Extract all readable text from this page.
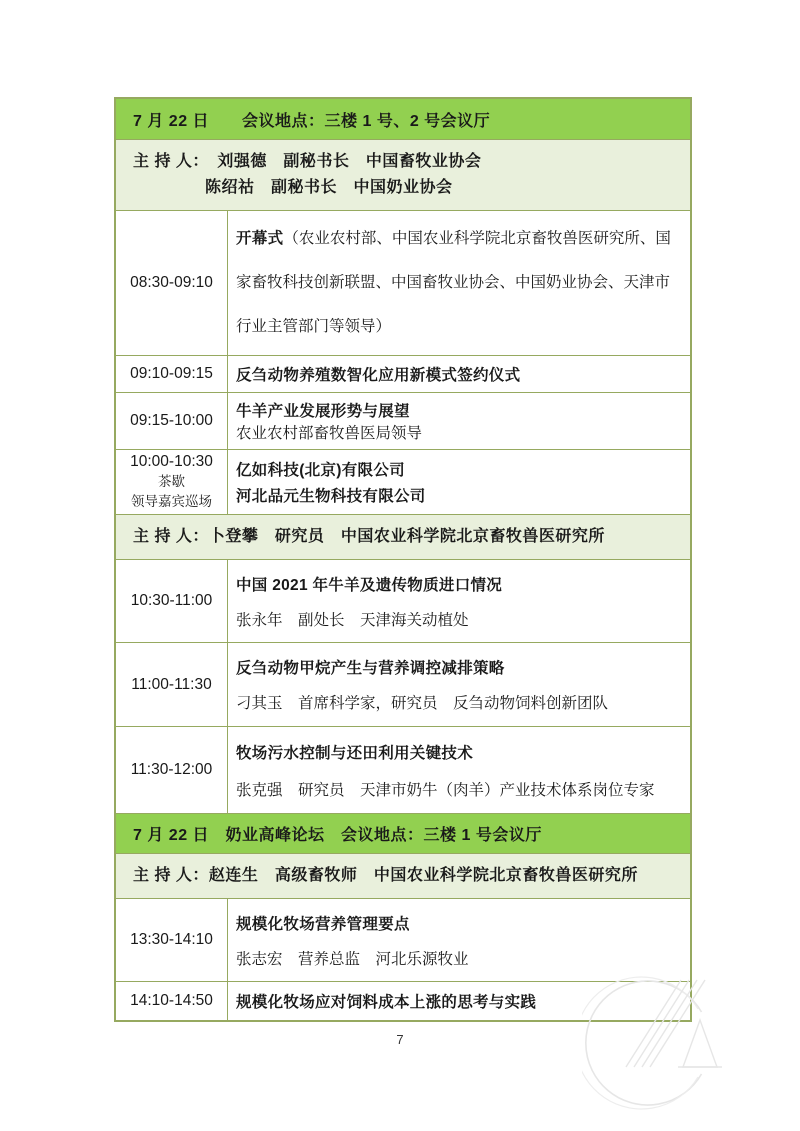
7 月 22 日　　会议地点：三楼 1 号、2 号会议厅
主 持 人：　刘强德　副秘书长　中国畜牧业协会
陈绍祜　副秘书长　中国奶业协会
08:30-09:10

开幕式（农业农村部、中国农业科学院北京畜牧兽医研究所、国家畜牧科技创新联盟、中国畜牧业协会、中国奶业协会、天津市行业主管部门等领导）

09:10-09:15 反刍动物养殖数智化应用新模式签约仪式

09:15-10:00

牛羊产业发展形势与展望

农业农村部畜牧兽医局领导

10:00-10:30
茶歇
领导嘉宾巡场

亿如科技(北京)有限公司

河北品元生物科技有限公司

主 持 人：卜登攀　研究员　中国农业科学院北京畜牧兽医研究所
10:30-11:00

中国 2021 年牛羊及遗传物质进口情况

张永年　副处长　天津海关动植处

11:00-11:30

反刍动物甲烷产生与营养调控减排策略

刁其玉　首席科学家，研究员　反刍动物饲料创新团队

11:30-12:00

牧场污水控制与还田利用关键技术

张克强　研究员　天津市奶牛（肉羊）产业技术体系岗位专家

7 月 22 日　奶业高峰论坛　会议地点：三楼 1 号会议厅
主 持 人：赵连生　高级畜牧师　中国农业科学院北京畜牧兽医研究所
13:30-14:10

规模化牧场营养管理要点

张志宏　营养总监　河北乐源牧业

14:10-14:50 规模化牧场应对饲料成本上涨的思考与实践

7
